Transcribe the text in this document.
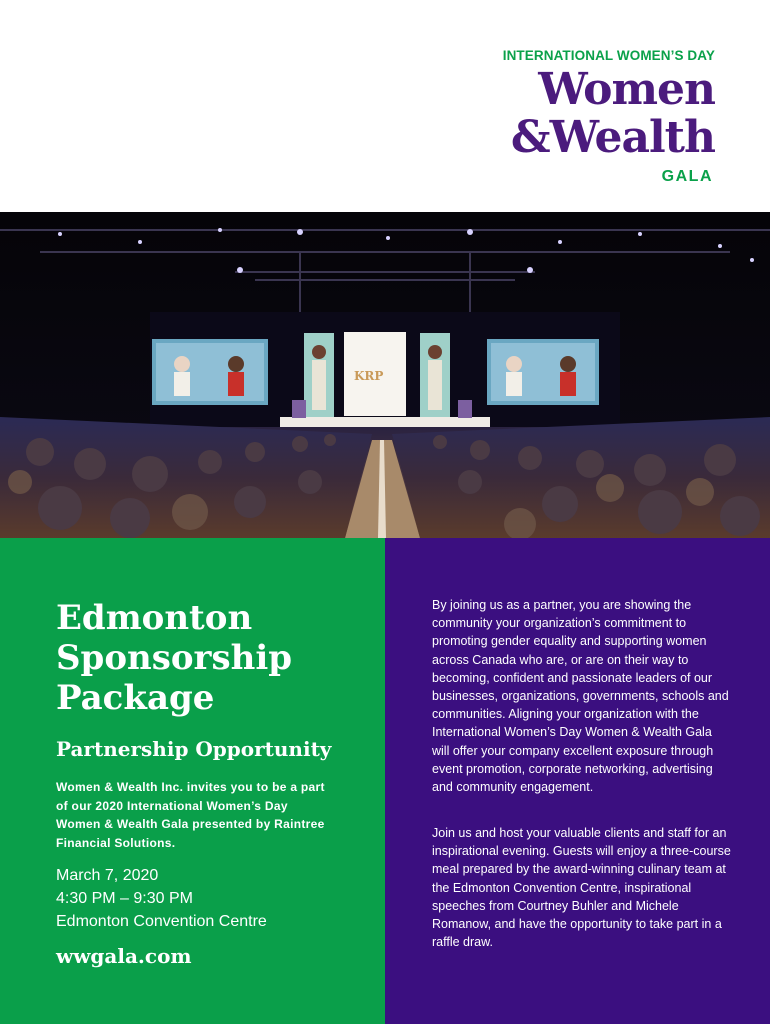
INTERNATIONAL WOMEN’S DAY
Women
&Wealth
GALA
KRP
Edmonton Sponsorship Package
Partnership Opportunity

Women & Wealth Inc. invites you to be a part of our 2020 International Women’s Day Women & Wealth Gala presented by Raintree Financial Solutions.

March 7, 2020
4:30 PM – 9:30 PM
Edmonton Convention Centre
wwgala.com

By joining us as a partner, you are showing the community your organization’s commitment to promoting gender equality and supporting women across Canada who are, or are on their way to becoming, confident and passionate leaders of our businesses, organizations, governments, schools and communities. Aligning your organization with the International Women’s Day Women & Wealth Gala will offer your company excellent exposure through event promotion, corporate networking, advertising and community engagement.

Join us and host your valuable clients and staff for an inspirational evening. Guests will enjoy a three-course meal prepared by the award-winning culinary team at the Edmonton Convention Centre, inspirational speeches from Courtney Buhler and Michele Romanow, and have the opportunity to take part in a raffle draw.
